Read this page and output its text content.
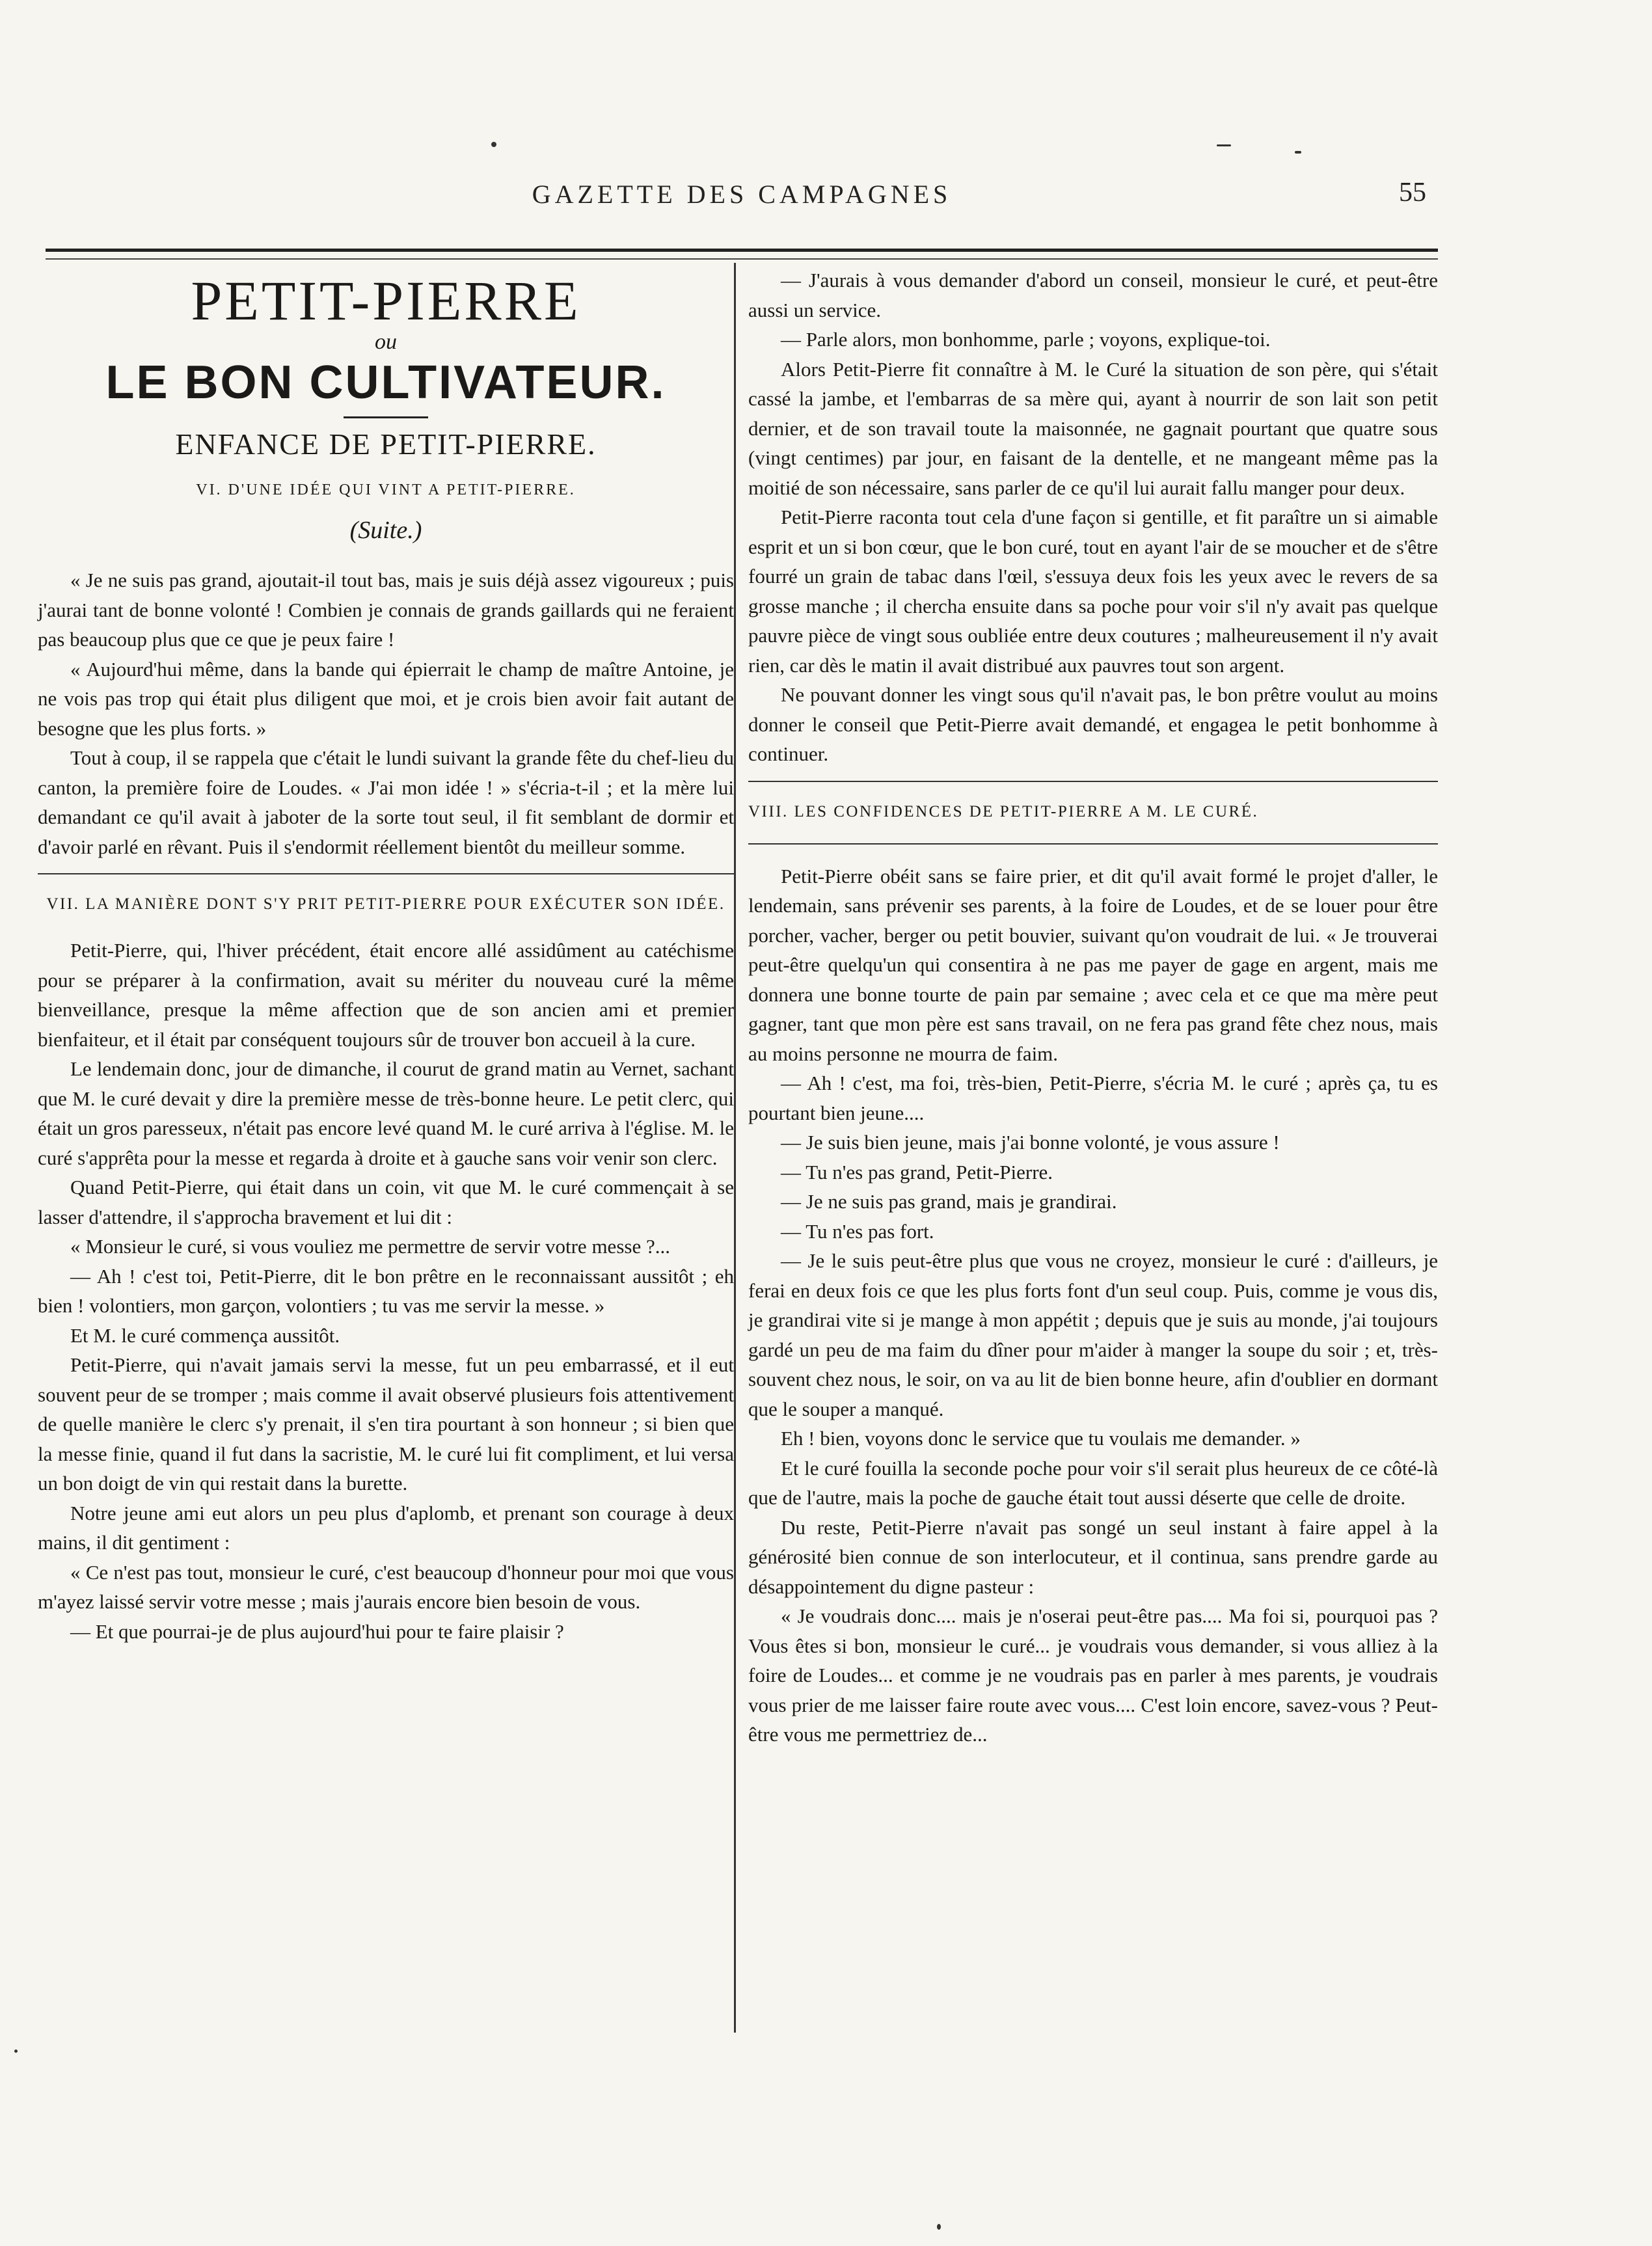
GAZETTE DES CAMPAGNES	55
PETIT-PIERRE
ou
LE BON CULTIVATEUR.
ENFANCE DE PETIT-PIERRE.
VI. D'UNE IDÉE QUI VINT A PETIT-PIERRE.
(Suite.)

« Je ne suis pas grand, ajoutait-il tout bas, mais je suis déjà assez vigoureux ; puis j'aurai tant de bonne volonté ! Combien je connais de grands gaillards qui ne feraient pas beaucoup plus que ce que je peux faire !

« Aujourd'hui même, dans la bande qui épierrait le champ de maître Antoine, je ne vois pas trop qui était plus diligent que moi, et je crois bien avoir fait autant de besogne que les plus forts. »

Tout à coup, il se rappela que c'était le lundi suivant la grande fête du chef-lieu du canton, la première foire de Loudes. « J'ai mon idée ! » s'écria-t-il ; et la mère lui demandant ce qu'il avait à jaboter de la sorte tout seul, il fit semblant de dormir et d'avoir parlé en rêvant. Puis il s'endormit réellement bientôt du meilleur somme.

VII. LA MANIÈRE DONT S'Y PRIT PETIT-PIERRE POUR EXÉCUTER SON IDÉE.

Petit-Pierre, qui, l'hiver précédent, était encore allé assidûment au catéchisme pour se préparer à la confirmation, avait su mériter du nouveau curé la même bienveillance, presque la même affection que de son ancien ami et premier bienfaiteur, et il était par conséquent toujours sûr de trouver bon accueil à la cure.

Le lendemain donc, jour de dimanche, il courut de grand matin au Vernet, sachant que M. le curé devait y dire la première messe de très-bonne heure. Le petit clerc, qui était un gros paresseux, n'était pas encore levé quand M. le curé arriva à l'église. M. le curé s'apprêta pour la messe et regarda à droite et à gauche sans voir venir son clerc.

Quand Petit-Pierre, qui était dans un coin, vit que M. le curé commençait à se lasser d'attendre, il s'approcha bravement et lui dit :

« Monsieur le curé, si vous vouliez me permettre de servir votre messe ?...

— Ah ! c'est toi, Petit-Pierre, dit le bon prêtre en le reconnaissant aussitôt ; eh bien ! volontiers, mon garçon, volontiers ; tu vas me servir la messe. »

Et M. le curé commença aussitôt.

Petit-Pierre, qui n'avait jamais servi la messe, fut un peu embarrassé, et il eut souvent peur de se tromper ; mais comme il avait observé plusieurs fois attentivement de quelle manière le clerc s'y prenait, il s'en tira pourtant à son honneur ; si bien que la messe finie, quand il fut dans la sacristie, M. le curé lui fit compliment, et lui versa un bon doigt de vin qui restait dans la burette.

Notre jeune ami eut alors un peu plus d'aplomb, et prenant son courage à deux mains, il dit gentiment :

« Ce n'est pas tout, monsieur le curé, c'est beaucoup d'honneur pour moi que vous m'ayez laissé servir votre messe ; mais j'aurais encore bien besoin de vous.

— Et que pourrai-je de plus aujourd'hui pour te faire plaisir ?

— J'aurais à vous demander d'abord un conseil, monsieur le curé, et peut-être aussi un service.

— Parle alors, mon bonhomme, parle ; voyons, explique-toi.

Alors Petit-Pierre fit connaître à M. le Curé la situation de son père, qui s'était cassé la jambe, et l'embarras de sa mère qui, ayant à nourrir de son lait son petit dernier, et de son travail toute la maisonnée, ne gagnait pourtant que quatre sous (vingt centimes) par jour, en faisant de la dentelle, et ne mangeant même pas la moitié de son nécessaire, sans parler de ce qu'il lui aurait fallu manger pour deux.

Petit-Pierre raconta tout cela d'une façon si gentille, et fit paraître un si aimable esprit et un si bon cœur, que le bon curé, tout en ayant l'air de se moucher et de s'être fourré un grain de tabac dans l'œil, s'essuya deux fois les yeux avec le revers de sa grosse manche ; il chercha ensuite dans sa poche pour voir s'il n'y avait pas quelque pauvre pièce de vingt sous oubliée entre deux coutures ; malheureusement il n'y avait rien, car dès le matin il avait distribué aux pauvres tout son argent.

Ne pouvant donner les vingt sous qu'il n'avait pas, le bon prêtre voulut au moins donner le conseil que Petit-Pierre avait demandé, et engagea le petit bonhomme à continuer.

VIII. LES CONFIDENCES DE PETIT-PIERRE A M. LE CURÉ.

Petit-Pierre obéit sans se faire prier, et dit qu'il avait formé le projet d'aller, le lendemain, sans prévenir ses parents, à la foire de Loudes, et de se louer pour être porcher, vacher, berger ou petit bouvier, suivant qu'on voudrait de lui. « Je trouverai peut-être quelqu'un qui consentira à ne pas me payer de gage en argent, mais me donnera une bonne tourte de pain par semaine ; avec cela et ce que ma mère peut gagner, tant que mon père est sans travail, on ne fera pas grand fête chez nous, mais au moins personne ne mourra de faim.

— Ah ! c'est, ma foi, très-bien, Petit-Pierre, s'écria M. le curé ; après ça, tu es pourtant bien jeune....

— Je suis bien jeune, mais j'ai bonne volonté, je vous assure !

— Tu n'es pas grand, Petit-Pierre.

— Je ne suis pas grand, mais je grandirai.

— Tu n'es pas fort.

— Je le suis peut-être plus que vous ne croyez, monsieur le curé : d'ailleurs, je ferai en deux fois ce que les plus forts font d'un seul coup. Puis, comme je vous dis, je grandirai vite si je mange à mon appétit ; depuis que je suis au monde, j'ai toujours gardé un peu de ma faim du dîner pour m'aider à manger la soupe du soir ; et, très-souvent chez nous, le soir, on va au lit de bien bonne heure, afin d'oublier en dormant que le souper a manqué.

Eh ! bien, voyons donc le service que tu voulais me demander. »

Et le curé fouilla la seconde poche pour voir s'il serait plus heureux de ce côté-là que de l'autre, mais la poche de gauche était tout aussi déserte que celle de droite.

Du reste, Petit-Pierre n'avait pas songé un seul instant à faire appel à la générosité bien connue de son interlocuteur, et il continua, sans prendre garde au désappointement du digne pasteur :

« Je voudrais donc.... mais je n'oserai peut-être pas.... Ma foi si, pourquoi pas ? Vous êtes si bon, monsieur le curé... je voudrais vous demander, si vous alliez à la foire de Loudes... et comme je ne voudrais pas en parler à mes parents, je voudrais vous prier de me laisser faire route avec vous.... C'est loin encore, savez-vous ? Peut-être vous me permettriez de...
